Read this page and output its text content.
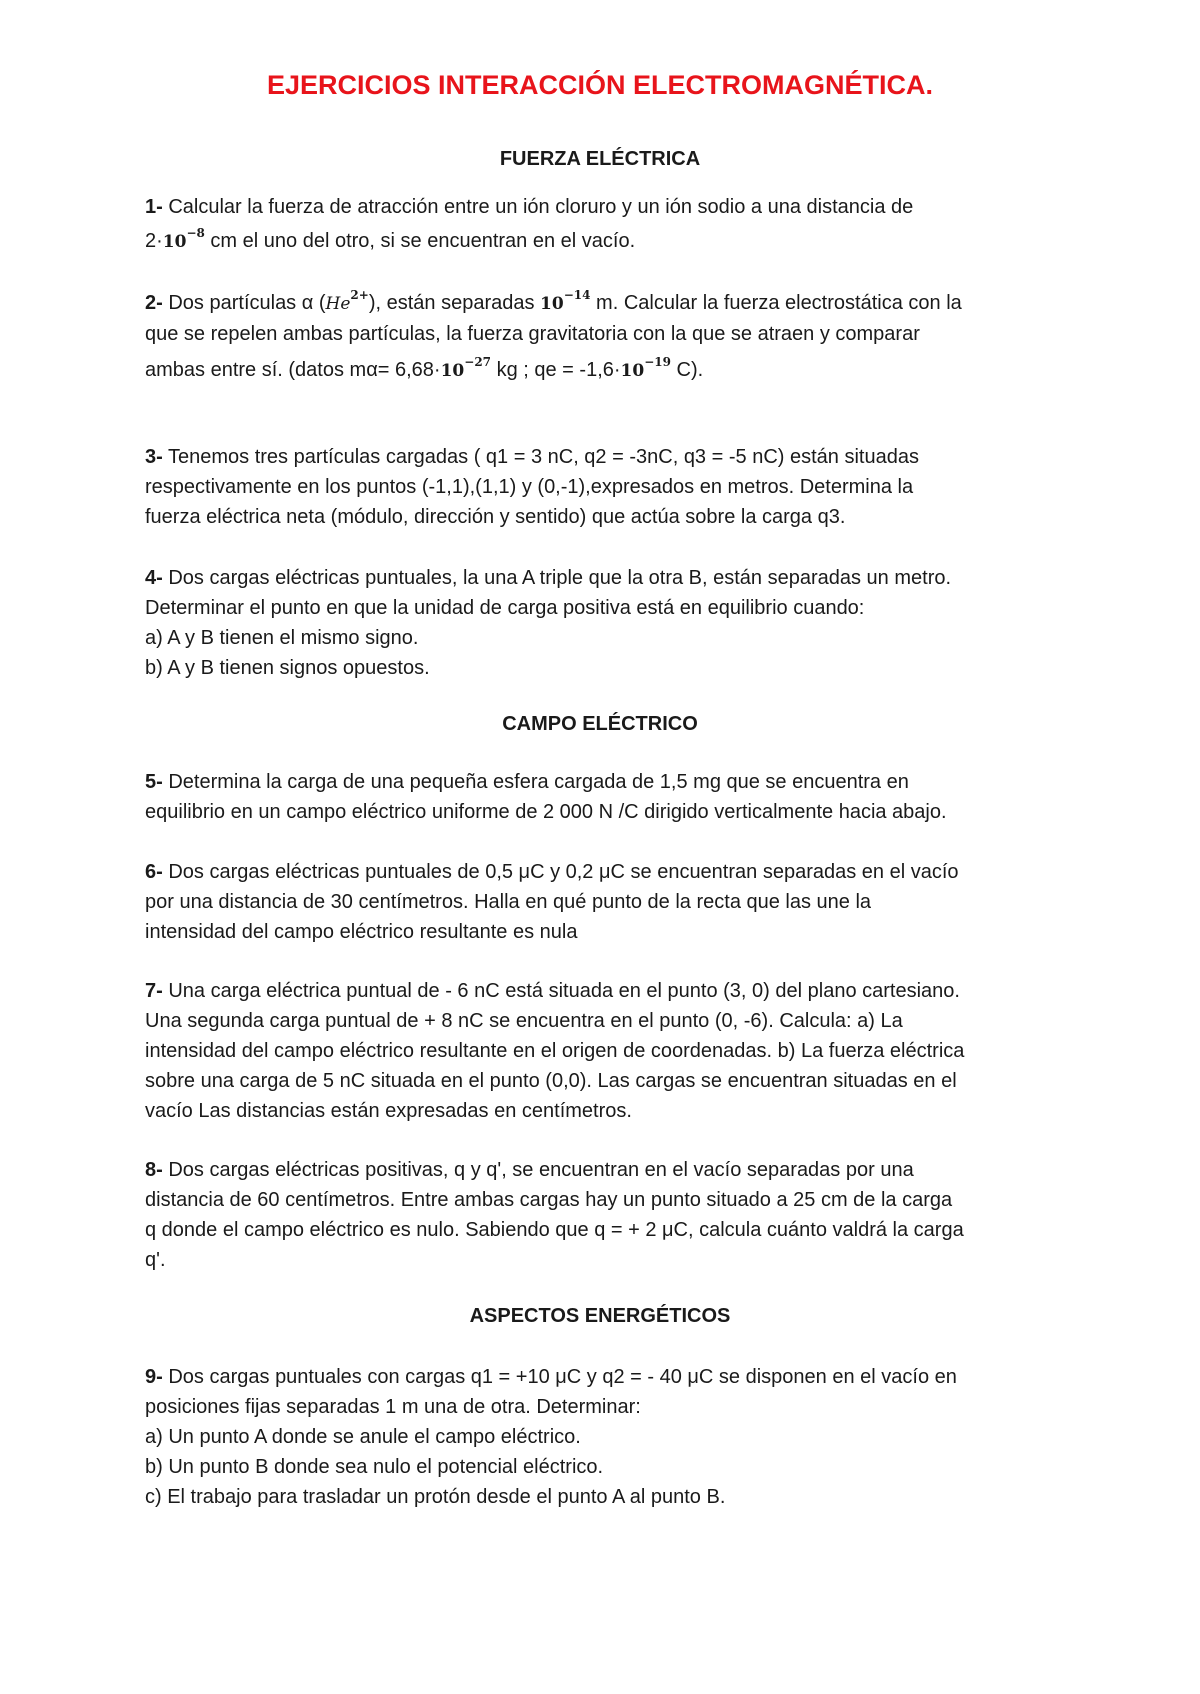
EJERCICIOS INTERACCIÓN ELECTROMAGNÉTICA.
FUERZA ELÉCTRICA
1- Calcular la fuerza de atracción entre un ión cloruro y un ión sodio a una distancia de
$2\cdot 10^{-8}$ cm el uno del otro, si se encuentran en el vacío.
2- Dos partículas α $(He^{2+})$, están separadas $10^{-14}$ m. Calcular la fuerza electrostática con la
que se repelen ambas partículas, la fuerza gravitatoria con la que se atraen y comparar
ambas entre sí. (datos $m\alpha= 6,68\cdot 10^{-27}$ kg ; qe = $-1,6\cdot 10^{-19}$ C).
3- Tenemos tres partículas cargadas ( q1 = 3 nC, q2 = -3nC, q3 = -5 nC) están situadas
respectivamente en los puntos (-1,1),(1,1) y (0,-1),expresados en metros. Determina la
fuerza eléctrica neta (módulo, dirección y sentido) que actúa sobre la carga q3.
4- Dos cargas eléctricas puntuales, la una A triple que la otra B, están separadas un metro.
Determinar el punto en que la unidad de carga positiva está en equilibrio cuando:
a) A y B tienen el mismo signo.
b) A y B tienen signos opuestos.
CAMPO ELÉCTRICO
5- Determina la carga de una pequeña esfera cargada de 1,5 mg que se encuentra en
equilibrio en un campo eléctrico uniforme de 2 000 N /C dirigido verticalmente hacia abajo.
6- Dos cargas eléctricas puntuales de 0,5 μC y 0,2 μC se encuentran separadas en el vacío
por una distancia de 30 centímetros. Halla en qué punto de la recta que las une la
intensidad del campo eléctrico resultante es nula
7- Una carga eléctrica puntual de - 6 nC está situada en el punto (3, 0) del plano cartesiano.
Una segunda carga puntual de + 8 nC se encuentra en el punto (0, -6). Calcula: a) La
intensidad del campo eléctrico resultante en el origen de coordenadas. b) La fuerza eléctrica
sobre una carga de 5 nC situada en el punto (0,0). Las cargas se encuentran situadas en el
vacío Las distancias están expresadas en centímetros.
8- Dos cargas eléctricas positivas, q y q', se encuentran en el vacío separadas por una
distancia de 60 centímetros. Entre ambas cargas hay un punto situado a 25 cm de la carga
q donde el campo eléctrico es nulo. Sabiendo que q = + 2 μC, calcula cuánto valdrá la carga
q'.
ASPECTOS ENERGÉTICOS
9- Dos cargas puntuales con cargas q1 = +10 μC y q2 = - 40 μC se disponen en el vacío en
posiciones fijas separadas 1 m una de otra. Determinar:
a) Un punto A donde se anule el campo eléctrico.
b) Un punto B donde sea nulo el potencial eléctrico.
c) El trabajo para trasladar un protón desde el punto A al punto B.
